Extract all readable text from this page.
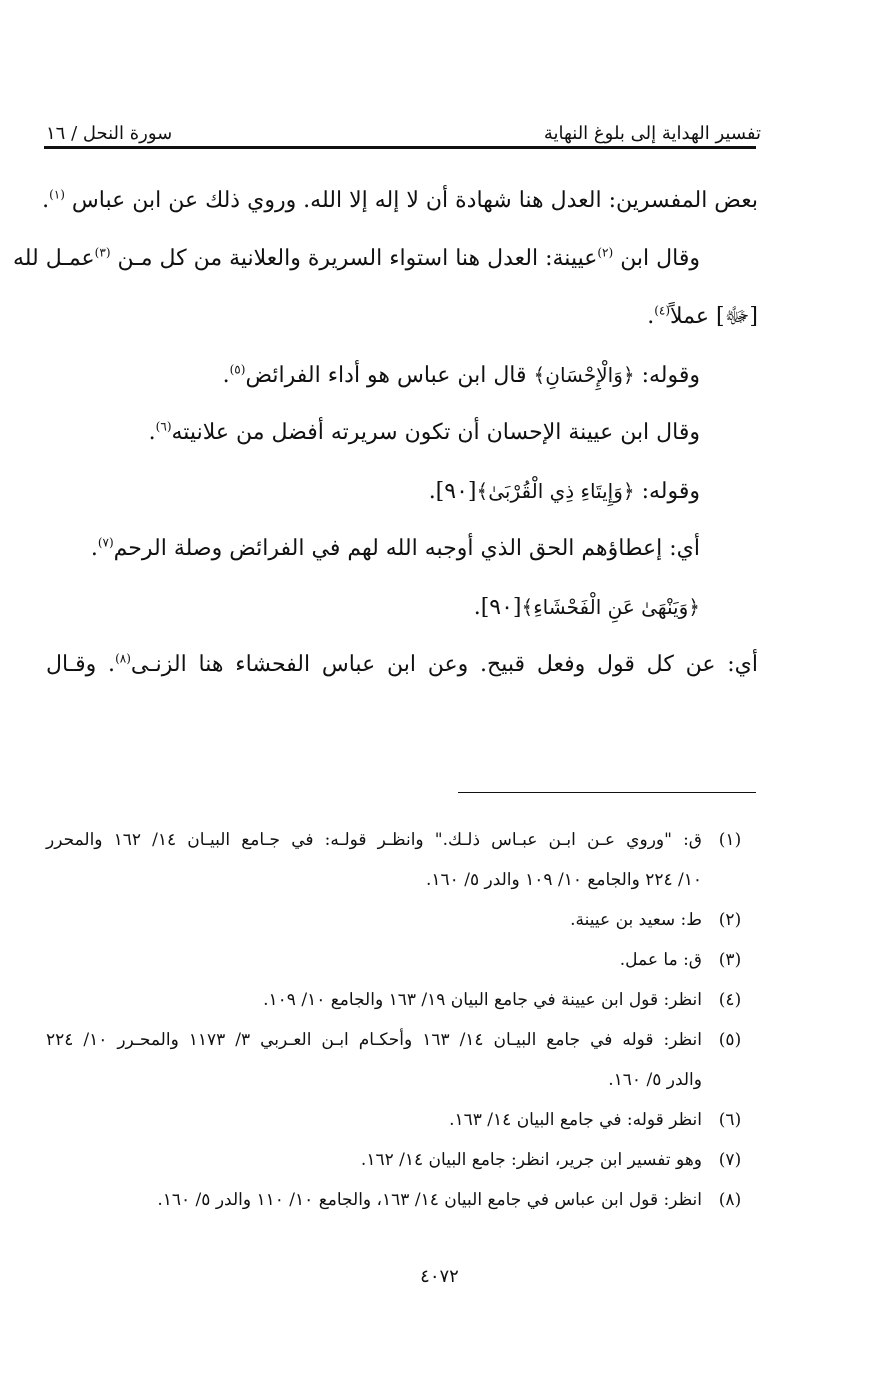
تفسير الهداية إلى بلوغ النهاية
سورة النحل / ١٦
بعض المفسرين: العدل هنا شهادة أن لا إله إلا الله. وروي ذلك عن ابن عباس $^{(١)}$.
وقال ابن $^{(٢)}$عيينة: العدل هنا استواء السريرة والعلانية من كل مـن $^{(٣)}$عمـل لله
[ﷻ] عملاً$^{(٤)}$.
وقوله: ﴿وَالْإِحْسَانِ﴾ قال ابن عباس هو أداء الفرائض$^{(٥)}$.
وقال ابن عيينة الإحسان أن تكون سريرته أفضل من علانيته$^{(٦)}$.
وقوله: ﴿وَإِيتَاءِ ذِي الْقُرْبَىٰ﴾[٩٠].
أي: إعطاؤهم الحق الذي أوجبه الله لهم في الفرائض وصلة الرحم$^{(٧)}$.
﴿وَيَنْهَىٰ عَنِ الْفَحْشَاءِ﴾[٩٠].
أي: عن كل قول وفعل قبيح. وعن ابن عباس الفحشاء هنا الزنـى$^{(٨)}$. وقـال
(١)
ق: "وروي عـن ابـن عبـاس ذلـك." وانظـر قولـه: في جـامع البيـان ١٤/ ١٦٢ والمحرر
١٠/ ٢٢٤ والجامع ١٠/ ١٠٩ والدر ٥/ ١٦٠.
(٢)
ط: سعيد بن عيينة.
(٣)
ق: ما عمل.
(٤)
انظر: قول ابن عيينة في جامع البيان ١٩/ ١٦٣ والجامع ١٠/ ١٠٩.
(٥)
انظر: قوله في جامع البيـان ١٤/ ١٦٣ وأحكـام ابـن العـربي ٣/ ١١٧٣ والمحـرر ١٠/ ٢٢٤
والدر ٥/ ١٦٠.
(٦)
انظر قوله: في جامع البيان ١٤/ ١٦٣.
(٧)
وهو تفسير ابن جرير، انظر: جامع البيان ١٤/ ١٦٢.
(٨)
انظر: قول ابن عباس في جامع البيان ١٤/ ١٦٣، والجامع ١٠/ ١١٠ والدر ٥/ ١٦٠.
٤٠٧٢
